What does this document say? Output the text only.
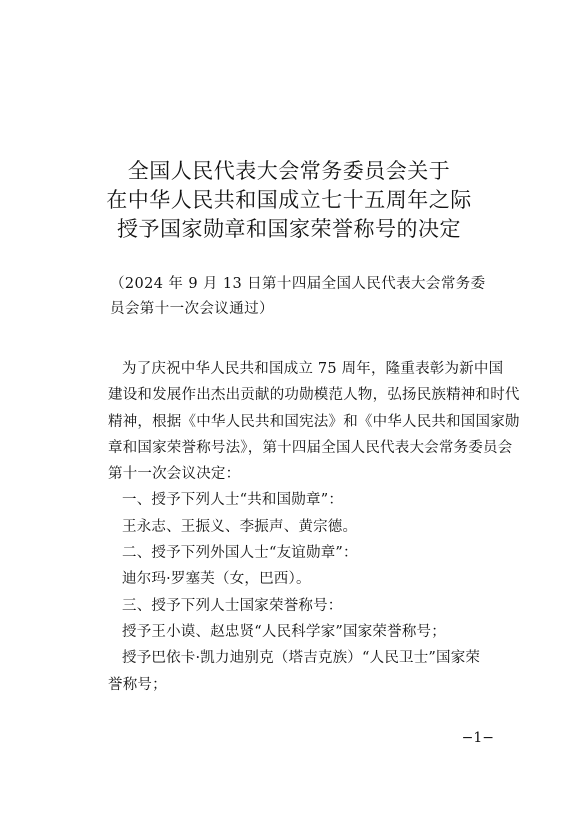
全国人民代表大会常务委员会关于
在中华人民共和国成立七十五周年之际
授予国家勋章和国家荣誉称号的决定
（2024 年 9 月 13 日第十四届全国人民代表大会常务委
员会第十一次会议通过）
为了庆祝中华人民共和国成立 75 周年，隆重表彰为新中国
建设和发展作出杰出贡献的功勋模范人物，弘扬民族精神和时代
精神，根据《中华人民共和国宪法》和《中华人民共和国国家勋
章和国家荣誉称号法》，第十四届全国人民代表大会常务委员会
第十一次会议决定：
一、授予下列人士“共和国勋章”：
王永志、王振义、李振声、黄宗德。
二、授予下列外国人士“友谊勋章”：
迪尔玛·罗塞芙（女，巴西）。
三、授予下列人士国家荣誉称号：
授予王小谟、赵忠贤“人民科学家”国家荣誉称号；
授予巴依卡·凯力迪别克（塔吉克族）“人民卫士”国家荣
誉称号；
−1−
